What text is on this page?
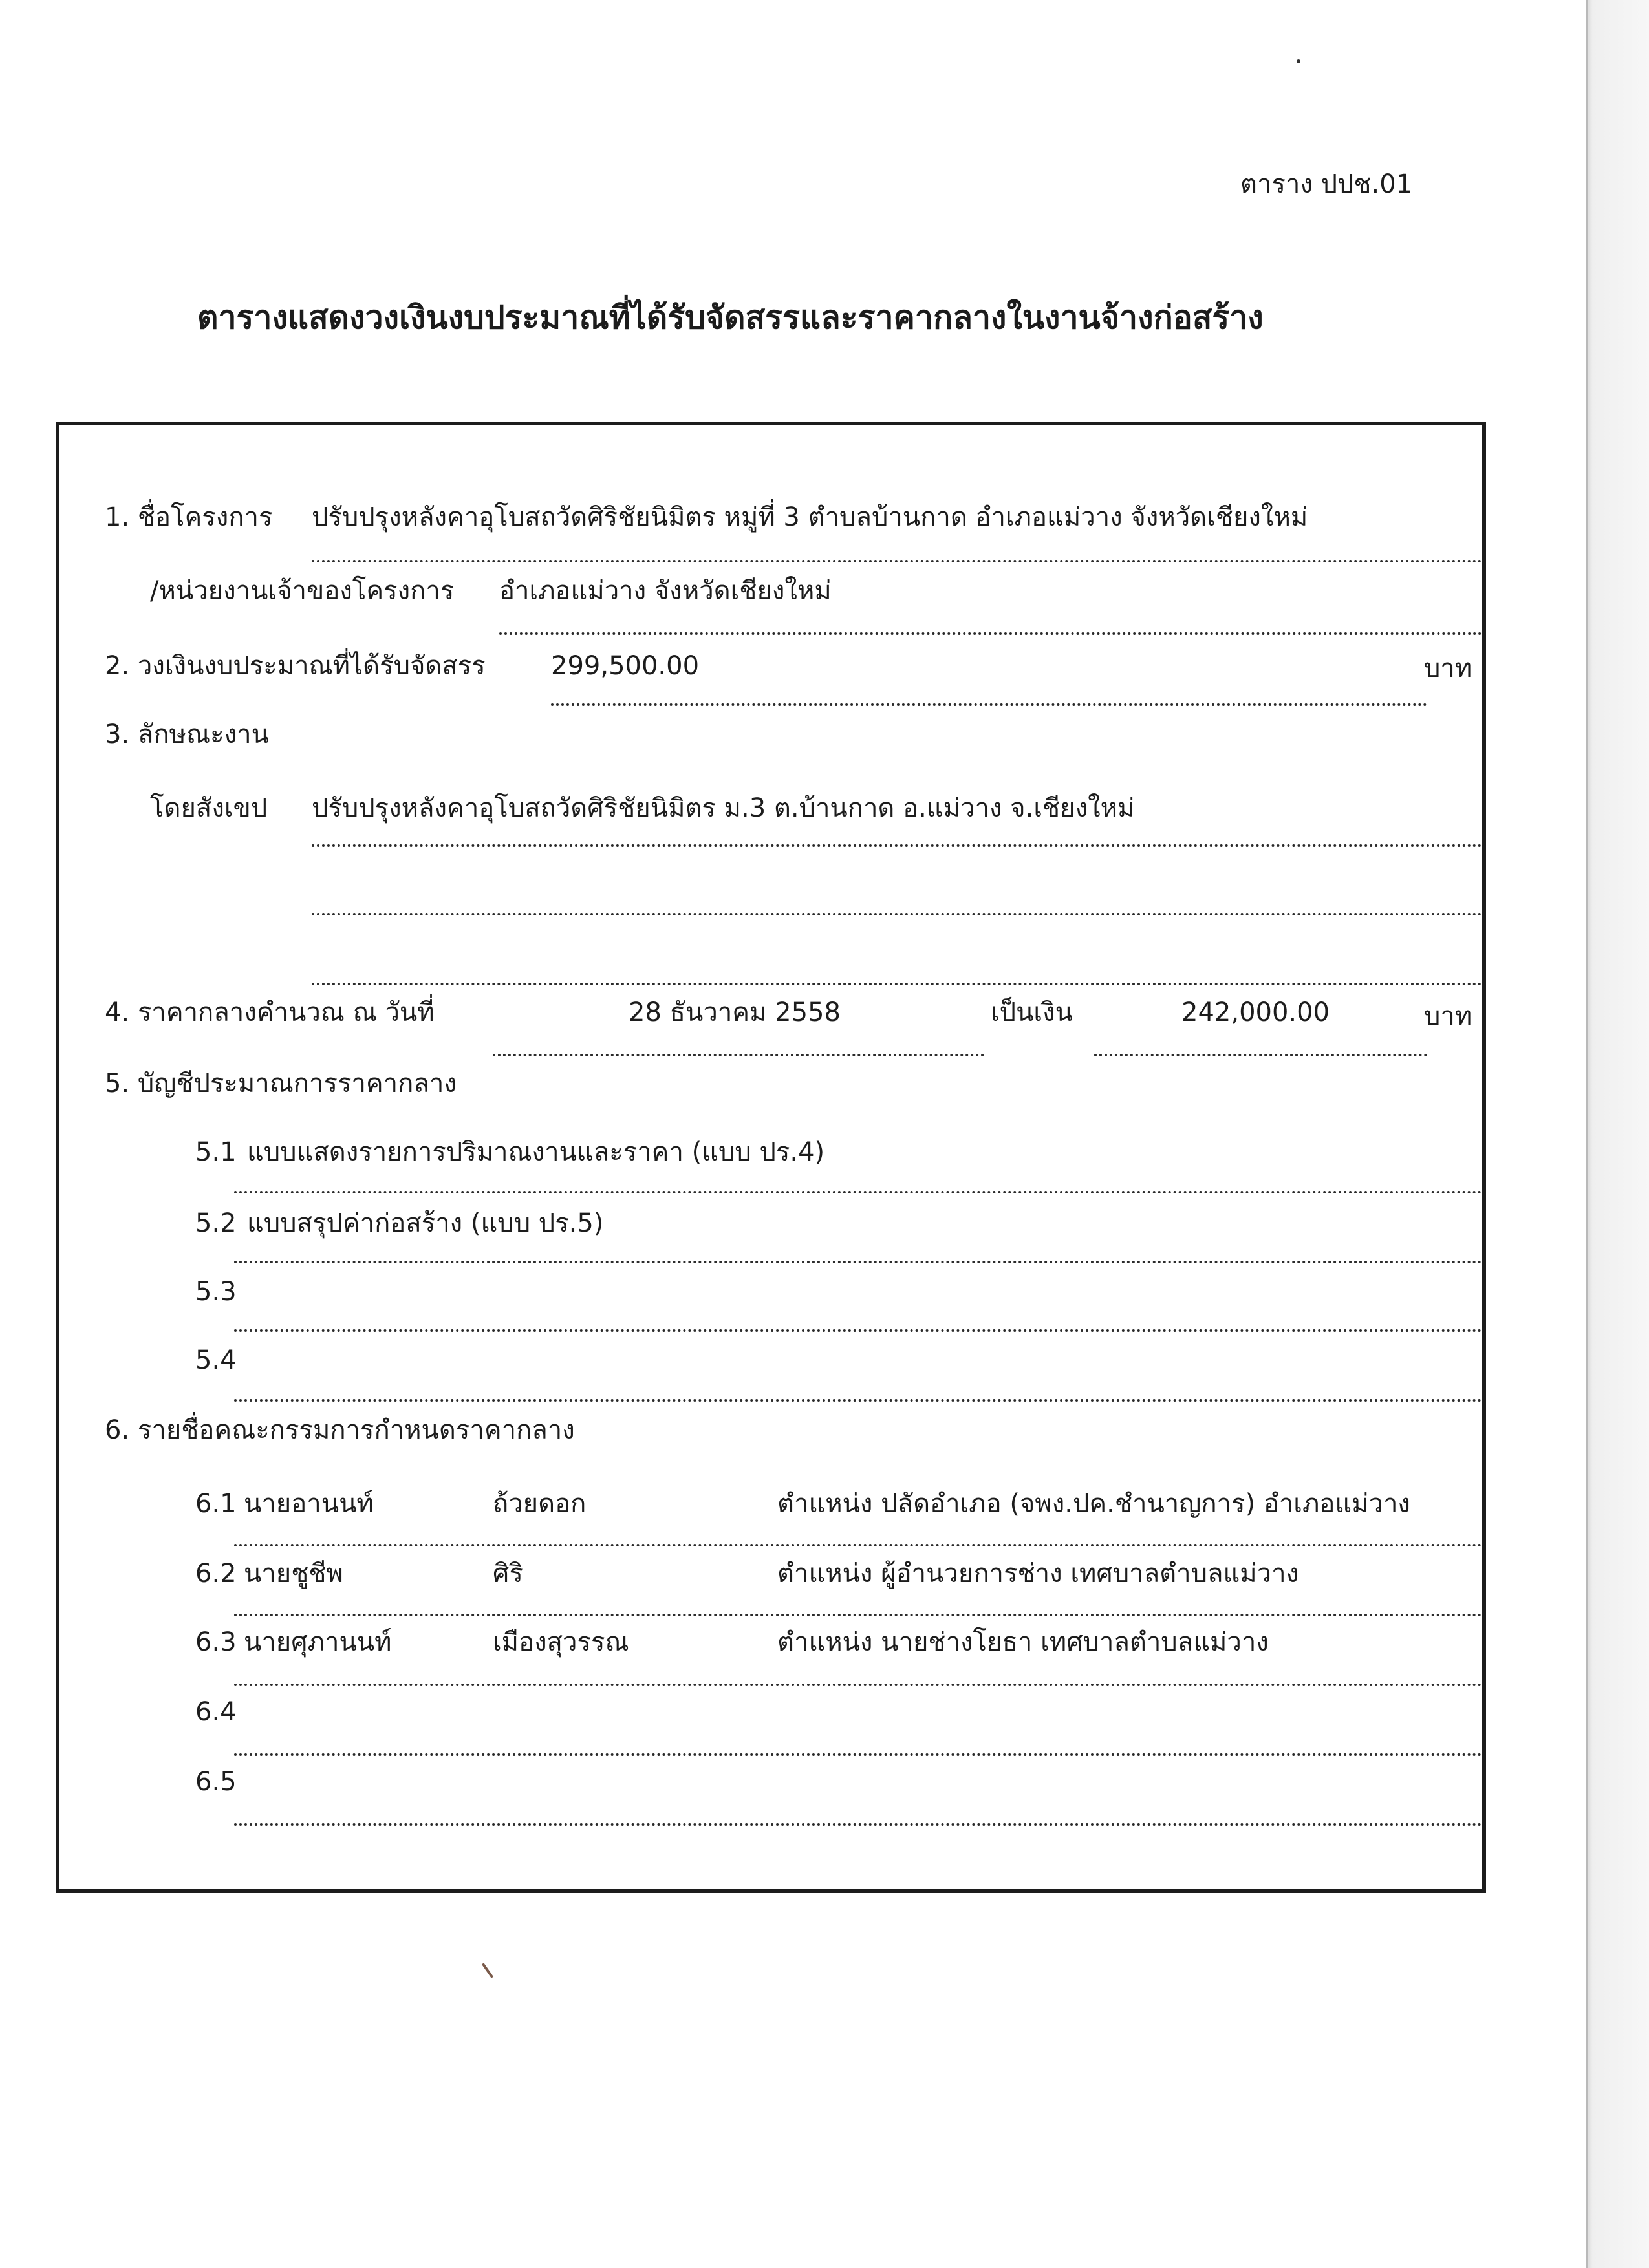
ตาราง ปปช.01
ตารางแสดงวงเงินงบประมาณที่ได้รับจัดสรรและราคากลางในงานจ้างก่อสร้าง
1. ชื่อโครงการ ปรับปรุงหลังคาอุโบสถวัดศิริชัยนิมิตร หมู่ที่ 3 ตำบลบ้านกาด อำเภอแม่วาง จังหวัดเชียงใหม่
/หน่วยงานเจ้าของโครงการ อำเภอแม่วาง จังหวัดเชียงใหม่
2. วงเงินงบประมาณที่ได้รับจัดสรร	299,500.00	บาท
3. ลักษณะงาน
โดยสังเขป ปรับปรุงหลังคาอุโบสถวัดศิริชัยนิมิตร ม.3 ต.บ้านกาด อ.แม่วาง จ.เชียงใหม่
4. ราคากลางคำนวณ ณ วันที่	28 ธันวาคม 2558	เป็นเงิน	242,000.00	บาท
5. บัญชีประมาณการราคากลาง
5.1 แบบแสดงรายการปริมาณงานและราคา (แบบ ปร.4)
5.2 แบบสรุปค่าก่อสร้าง (แบบ ปร.5)
5.3
5.4
6. รายชื่อคณะกรรมการกำหนดราคากลาง
6.1 นายอานนท์	ถ้วยดอก	ตำแหน่ง ปลัดอำเภอ (จพง.ปค.ชำนาญการ) อำเภอแม่วาง
6.2 นายชูชีพ	ศิริ	ตำแหน่ง ผู้อำนวยการช่าง เทศบาลตำบลแม่วาง
6.3 นายศุภานนท์	เมืองสุวรรณ	ตำแหน่ง นายช่างโยธา เทศบาลตำบลแม่วาง
6.4
6.5
